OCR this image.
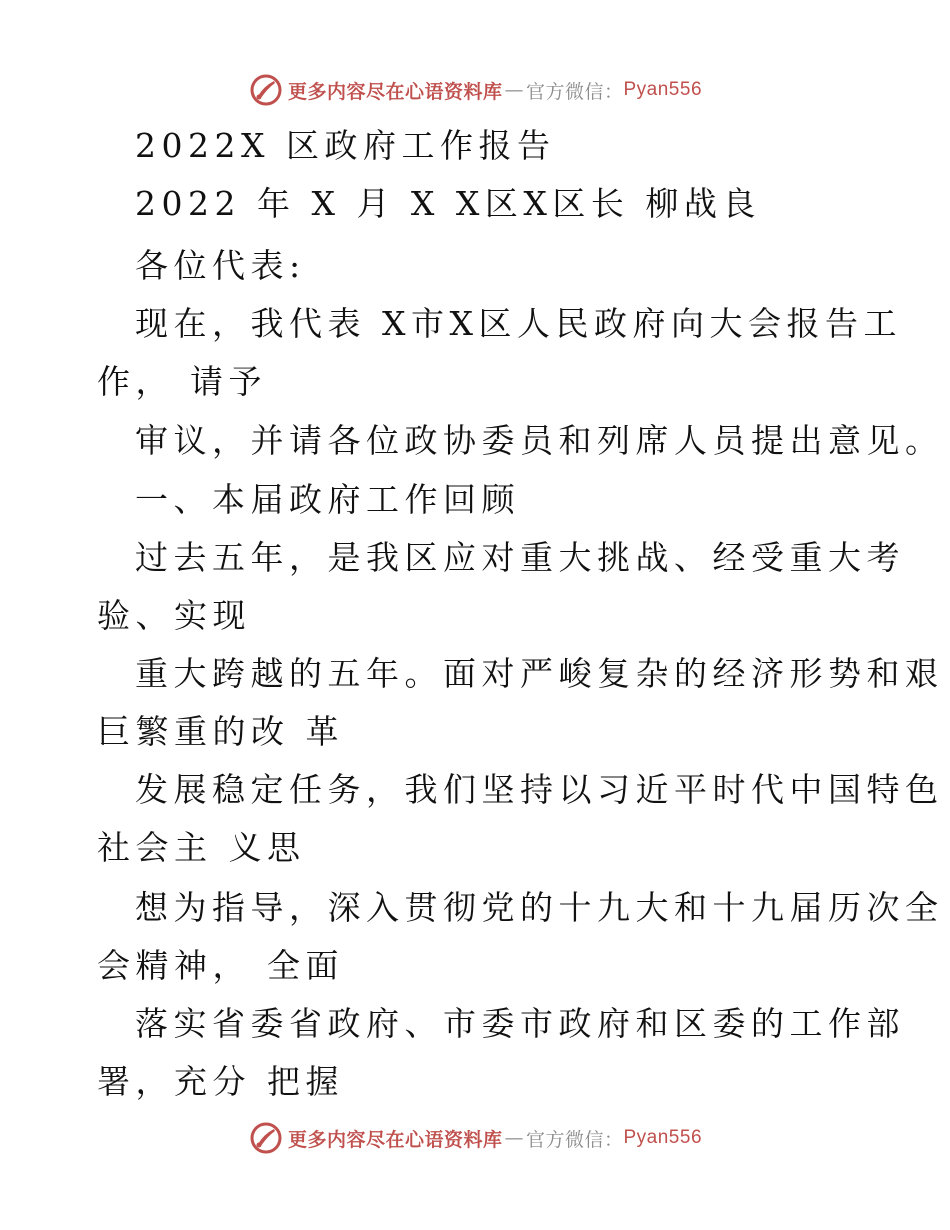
更多内容尽在心语资料库 — 官方微信： Pyan556
2022X 区政府工作报告
2022 年 X 月 X X区X区长 柳战良
各位代表:
现在，我代表 X市X区人民政府向大会报告工
作， 请予
审议，并请各位政协委员和列席人员提出意见。
一、本届政府工作回顾
过去五年，是我区应对重大挑战、经受重大考
验、实现
重大跨越的五年。面对严峻复杂的经济形势和艰
巨繁重的改 革
发展稳定任务，我们坚持以习近平时代中国特色
社会主 义思
想为指导，深入贯彻党的十九大和十九届历次全
会精神， 全面
落实省委省政府、市委市政府和区委的工作部
署，充分 把握
更多内容尽在心语资料库 — 官方微信： Pyan556
